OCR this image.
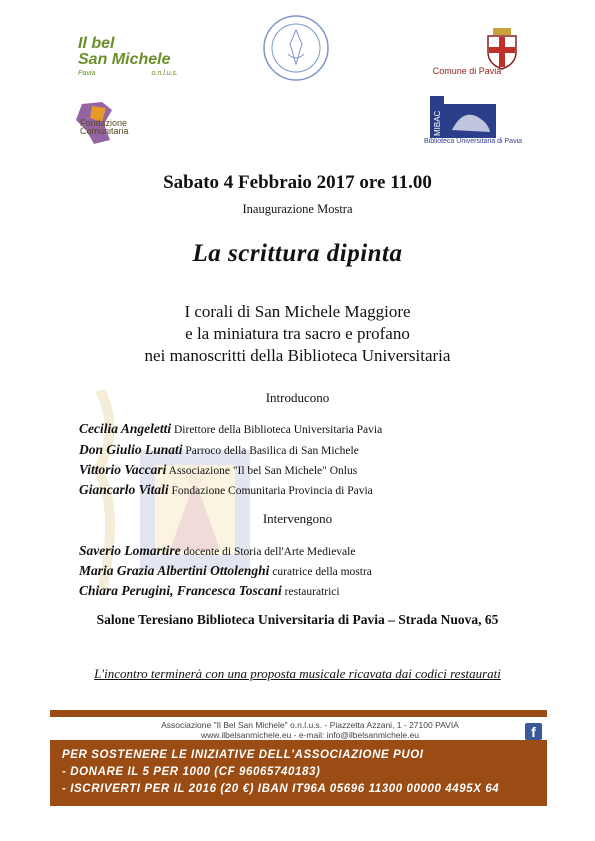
Il bel
San Michele
Pavia	o.n.l.u.s.	Comune di Pavia
Fondazione
Comunitaria	MIBAC
Biblioteca Universitaria di Pavia
Sabato 4 Febbraio 2017 ore 11.00
Inaugurazione Mostra
La scrittura dipinta
I corali di San Michele Maggiore
e la miniatura tra sacro e profano
nei manoscritti della Biblioteca Universitaria
Introducono
Cecilia Angeletti Direttore della Biblioteca Universitaria Pavia
Don Giulio Lunati Parroco della Basilica di San Michele
Vittorio Vaccari Associazione "Il bel San Michele" Onlus
Giancarlo Vitali Fondazione Comunitaria Provincia di Pavia
Intervengono
Saverio Lomartire docente di Storia dell'Arte Medievale
Maria Grazia Albertini Ottolenghi curatrice della mostra
Chiara Perugini, Francesca Toscani restauratrici
Salone Teresiano Biblioteca Universitaria di Pavia – Strada Nuova, 65
L'incontro terminerà con una proposta musicale ricavata dai codici restaurati
Associazione "Il Bel San Michele" o.n.l.u.s. - Piazzetta Azzani, 1 - 27100 PAVIA
www.ilbelsanmichele.eu - e-mail: info@ilbelsanmichele.eu	f
PER SOSTENERE LE INIZIATIVE DELL'ASSOCIAZIONE PUOI
- DONARE IL 5 PER 1000 (CF 96065740183)
- ISCRIVERTI PER IL 2016 (20 €) IBAN IT96A 05696 11300 00000 4495X 64
